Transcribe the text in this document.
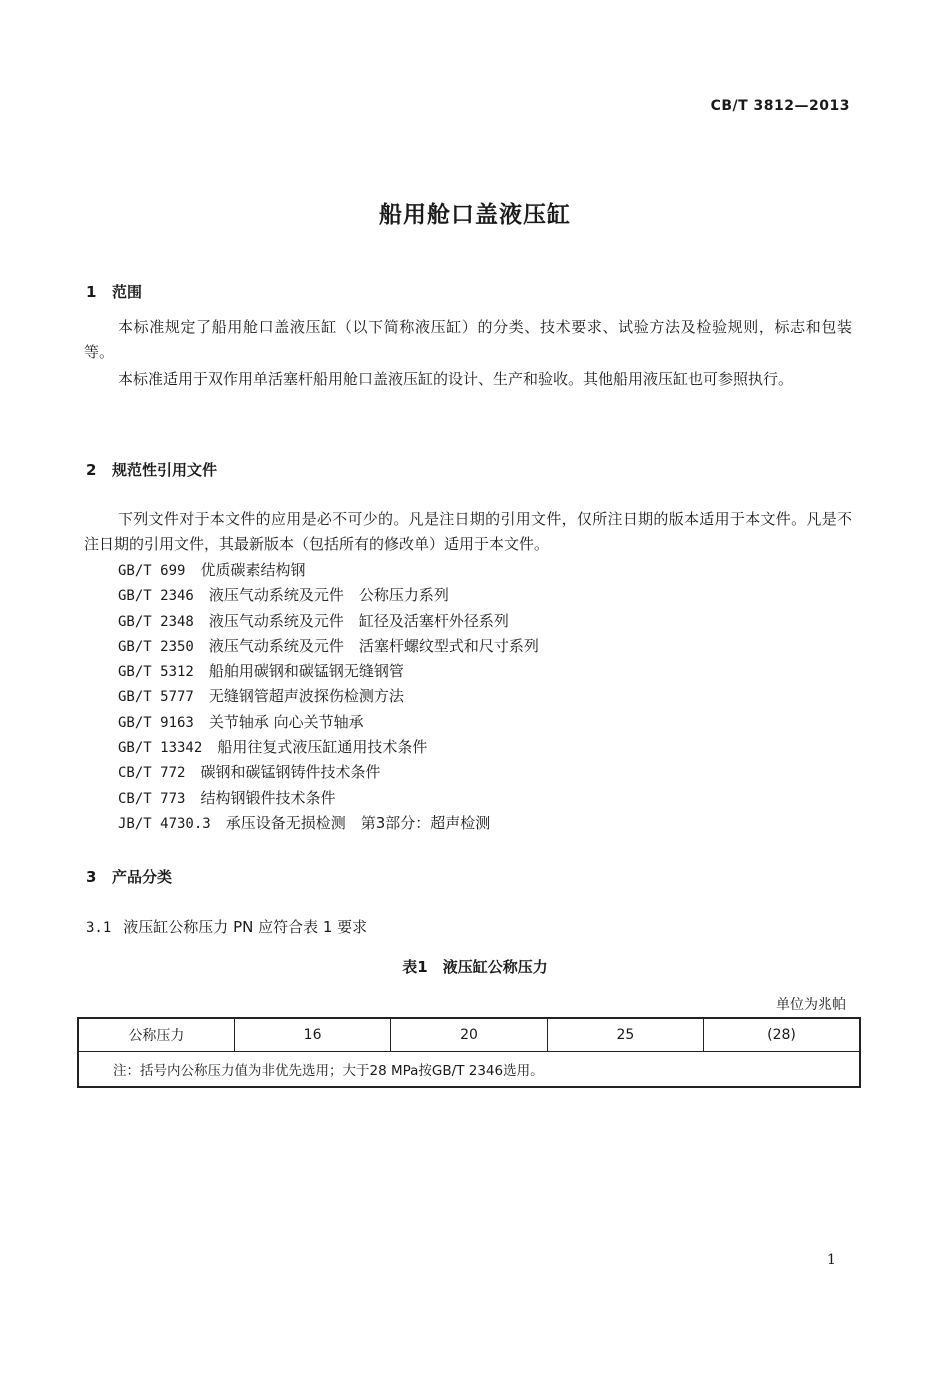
CB/T 3812—2013
船用舱口盖液压缸
1 范围

本标准规定了船用舱口盖液压缸（以下简称液压缸）的分类、技术要求、试验方法及检验规则，标志和包装等。

本标准适用于双作用单活塞杆船用舱口盖液压缸的设计、生产和验收。其他船用液压缸也可参照执行。

2 规范性引用文件

下列文件对于本文件的应用是必不可少的。凡是注日期的引用文件，仅所注日期的版本适用于本文件。凡是不注日期的引用文件，其最新版本（包括所有的修改单）适用于本文件。

GB/T 699　 优质碳素结构钢
GB/T 2346　 液压气动系统及元件　公称压力系列
GB/T 2348　 液压气动系统及元件　缸径及活塞杆外径系列
GB/T 2350　 液压气动系统及元件　活塞杆螺纹型式和尺寸系列
GB/T 5312　 船舶用碳钢和碳锰钢无缝钢管
GB/T 5777　 无缝钢管超声波探伤检测方法
GB/T 9163　 关节轴承 向心关节轴承
GB/T 13342　 船用往复式液压缸通用技术条件
CB/T 772　 碳钢和碳锰钢铸件技术条件
CB/T 773　 结构钢锻件技术条件
JB/T 4730.3　 承压设备无损检测　第3部分：超声检测
3 产品分类
3.1 液压缸公称压力 PN 应符合表 1 要求
表1　液压缸公称压力
单位为兆帕
公称压力	16	20	25	(28)
注：括号内公称压力值为非优先选用；大于28 MPa按GB/T 2346选用。
1
